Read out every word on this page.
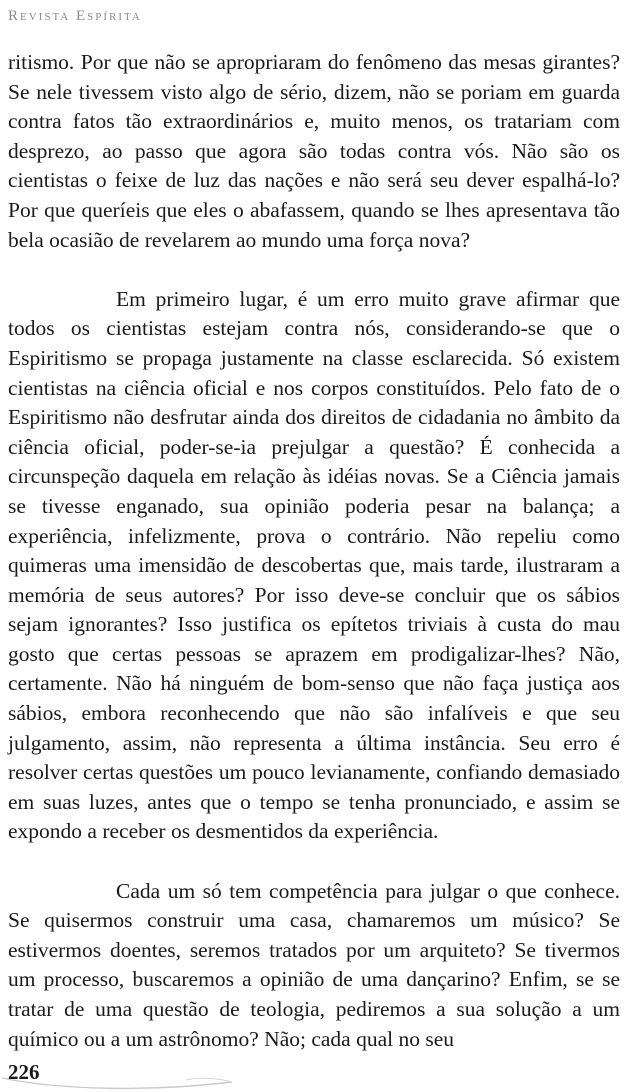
Revista Espírita

ritismo. Por que não se apropriaram do fenômeno das mesas girantes? Se nele tivessem visto algo de sério, dizem, não se poriam em guarda contra fatos tão extraordinários e, muito menos, os tratariam com desprezo, ao passo que agora são todas contra vós. Não são os cientistas o feixe de luz das nações e não será seu dever espalhá-lo? Por que queríeis que eles o abafassem, quando se lhes apresentava tão bela ocasião de revelarem ao mundo uma força nova?

Em primeiro lugar, é um erro muito grave afirmar que todos os cientistas estejam contra nós, considerando-se que o Espiritismo se propaga justamente na classe esclarecida. Só existem cientistas na ciência oficial e nos corpos constituídos. Pelo fato de o Espiritismo não desfrutar ainda dos direitos de cidadania no âmbito da ciência oficial, poder-se-ia prejulgar a questão? É conhecida a circunspeção daquela em relação às idéias novas. Se a Ciência jamais se tivesse enganado, sua opinião poderia pesar na balança; a experiência, infelizmente, prova o contrário. Não repeliu como quimeras uma imensidão de descobertas que, mais tarde, ilustraram a memória de seus autores? Por isso deve-se concluir que os sábios sejam ignorantes? Isso justifica os epítetos triviais à custa do mau gosto que certas pessoas se aprazem em prodigalizar-lhes? Não, certamente. Não há ninguém de bom-senso que não faça justiça aos sábios, embora reconhecendo que não são infalíveis e que seu julgamento, assim, não representa a última instância. Seu erro é resolver certas questões um pouco levianamente, confiando demasiado em suas luzes, antes que o tempo se tenha pronunciado, e assim se expondo a receber os desmentidos da experiência.

Cada um só tem competência para julgar o que conhece. Se quisermos construir uma casa, chamaremos um músico? Se estivermos doentes, seremos tratados por um arquiteto? Se tivermos um processo, buscaremos a opinião de uma dançarino? Enfim, se se tratar de uma questão de teologia, pediremos a sua solução a um químico ou a um astrônomo? Não; cada qual no seu

226
